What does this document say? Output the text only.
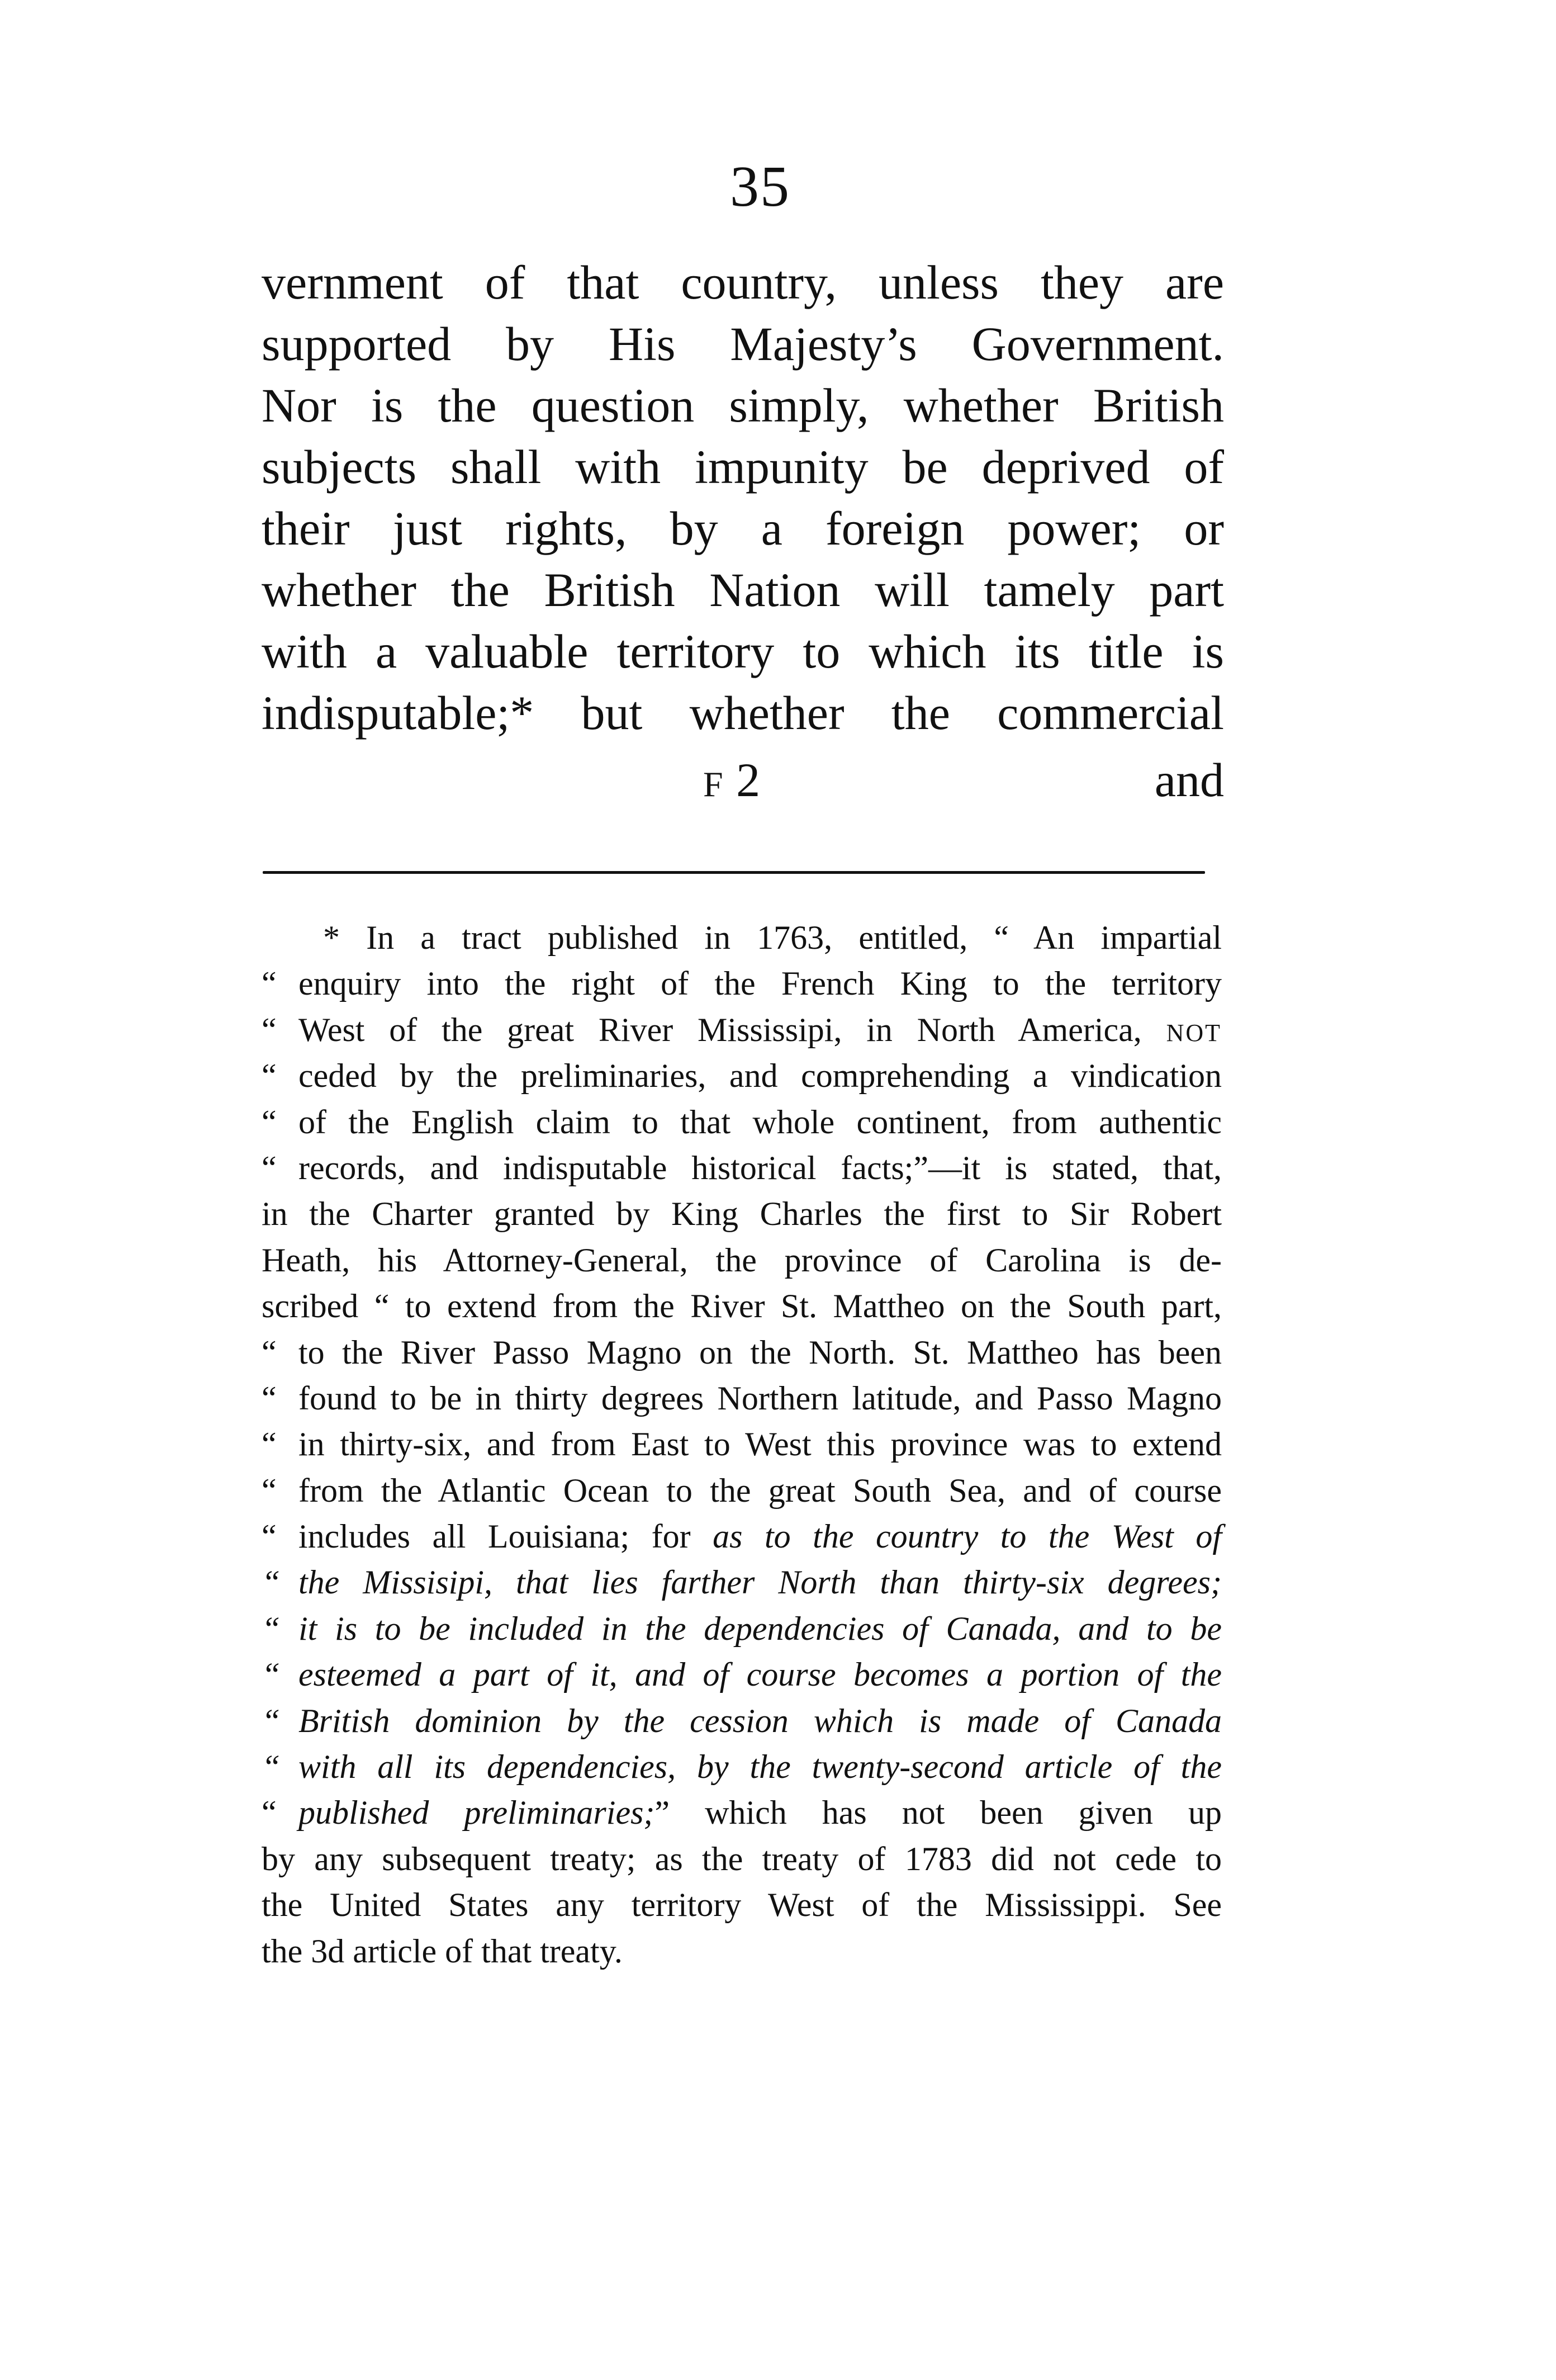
35
vernment of that country, unless they are
supported by His Majesty’s Government.
Nor is the question simply, whether British
subjects shall with impunity be deprived of
their just rights, by a foreign power; or
whether the British Nation will tamely part
with a valuable territory to which its title is
indisputable;* but whether the commercial
F 2	and
* In a tract published in 1763, entitled, “ An impartial
“ enquiry into the right of the French King to the territory
“ West of the great River Mississipi, in North America, NOT
“ ceded by the preliminaries, and comprehending a vindication
“ of the English claim to that whole continent, from authentic
“ records, and indisputable historical facts;”—it is stated, that,
in the Charter granted by King Charles the first to Sir Robert
Heath, his Attorney-General, the province of Carolina is de-
scribed “ to extend from the River St. Mattheo on the South part,
“ to the River Passo Magno on the North. St. Mattheo has been
“ found to be in thirty degrees Northern latitude, and Passo Magno
“ in thirty-six, and from East to West this province was to extend
“ from the Atlantic Ocean to the great South Sea, and of course
“ includes all Louisiana; for as to the country to the West of
“ the Missisipi, that lies farther North than thirty-six degrees;
“ it is to be included in the dependencies of Canada, and to be
“ esteemed a part of it, and of course becomes a portion of the
“ British dominion by the cession which is made of Canada
“ with all its dependencies, by the twenty-second article of the
“ published preliminaries;” which has not been given up
by any subsequent treaty; as the treaty of 1783 did not cede to
the United States any territory West of the Mississippi. See
the 3d article of that treaty.
